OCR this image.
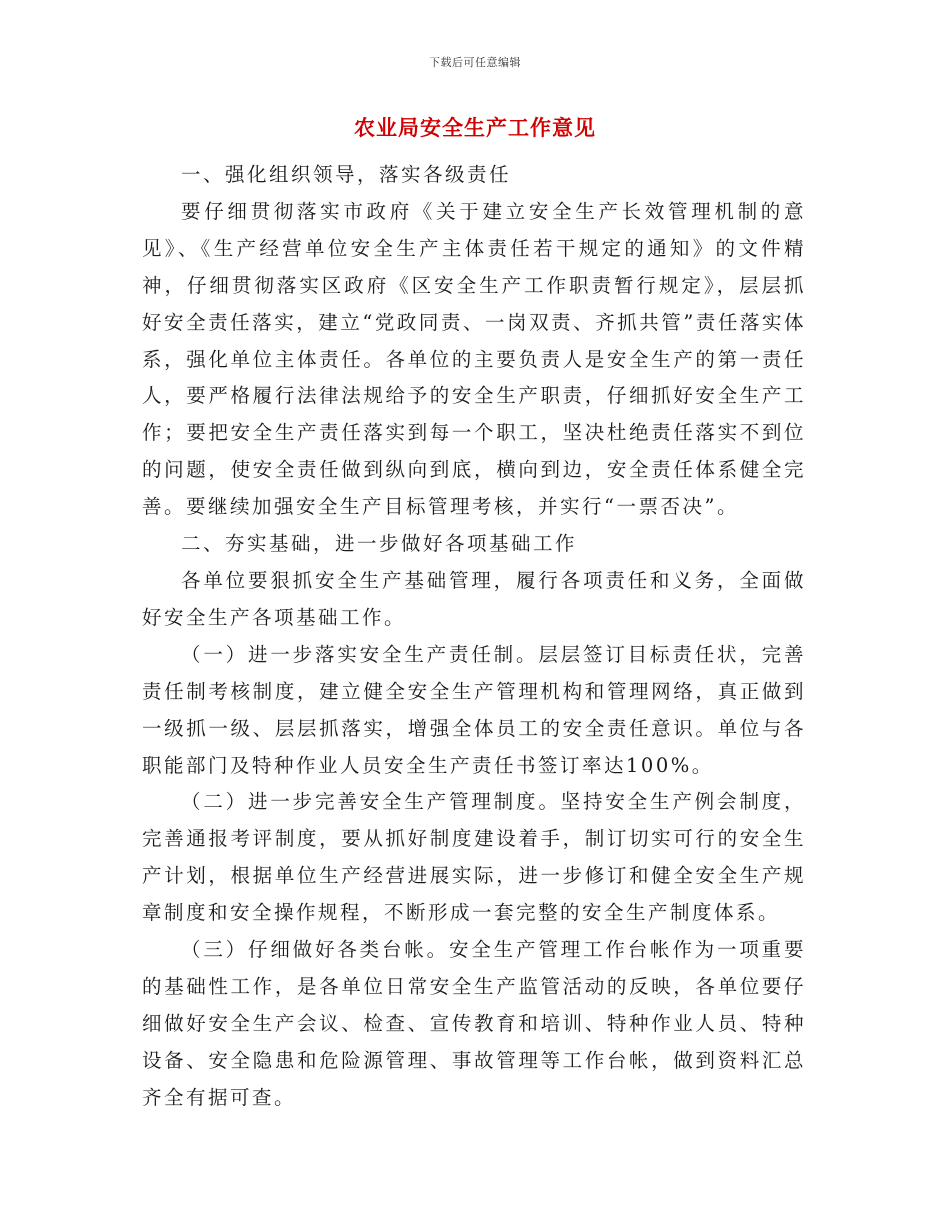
下载后可任意编辑
农业局安全生产工作意见

一、强化组织领导，落实各级责任

要仔细贯彻落实市政府《关于建立安全生产长效管理机制的意见》、《生产经营单位安全生产主体责任若干规定的通知》的文件精神，仔细贯彻落实区政府《区安全生产工作职责暂行规定》，层层抓好安全责任落实，建立“党政同责、一岗双责、齐抓共管”责任落实体系，强化单位主体责任。各单位的主要负责人是安全生产的第一责任人，要严格履行法律法规给予的安全生产职责，仔细抓好安全生产工作；要把安全生产责任落实到每一个职工，坚决杜绝责任落实不到位的问题，使安全责任做到纵向到底，横向到边，安全责任体系健全完善。要继续加强安全生产目标管理考核，并实行“一票否决”。

二、夯实基础，进一步做好各项基础工作

各单位要狠抓安全生产基础管理，履行各项责任和义务，全面做好安全生产各项基础工作。

（一）进一步落实安全生产责任制。层层签订目标责任状，完善责任制考核制度，建立健全安全生产管理机构和管理网络，真正做到一级抓一级、层层抓落实，增强全体员工的安全责任意识。单位与各职能部门及特种作业人员安全生产责任书签订率达100%。

（二）进一步完善安全生产管理制度。坚持安全生产例会制度，完善通报考评制度，要从抓好制度建设着手，制订切实可行的安全生产计划，根据单位生产经营进展实际，进一步修订和健全安全生产规章制度和安全操作规程，不断形成一套完整的安全生产制度体系。

（三）仔细做好各类台帐。安全生产管理工作台帐作为一项重要的基础性工作，是各单位日常安全生产监管活动的反映，各单位要仔细做好安全生产会议、检查、宣传教育和培训、特种作业人员、特种设备、安全隐患和危险源管理、事故管理等工作台帐，做到资料汇总齐全有据可查。
